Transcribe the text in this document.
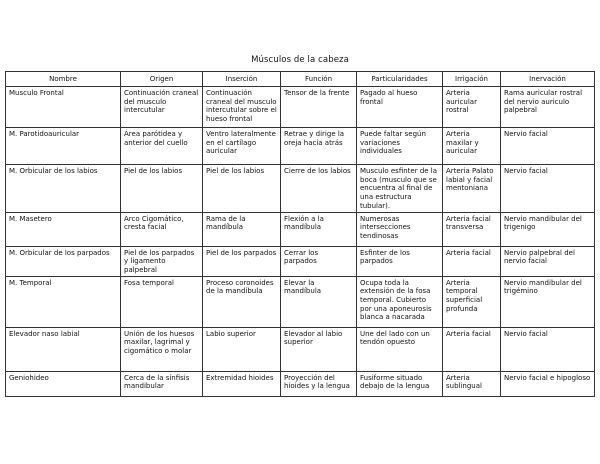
Músculos de la cabeza
Nombre	Origen	Inserción	Función	Particularidades	Irrigación	Inervación
Musculo Frontal	Continuación craneal del musculo intercutular	Continuación craneal del musculo intercutular sobre el hueso frontal	Tensor de la frente	Pagado al hueso frontal	Arteria auricular rostral	Rama auricular rostral del nervio auriculo palpebral
M. Parotidoauricular	Área parótidea y anterior del cuello	Ventro lateralmente en el cartílago auricular	Retrae y dirige la oreja hacia atrás	Puede faltar según variaciones individuales	Arteria maxilar y auricular	Nervio facial
M. Orbicular de los labios	Piel de los labios	Piel de los labios	Cierre de los labios	Musculo esfinter de la boca (musculo que se encuentra al final de una estructura tubular).	Arteria Palato labial y facial mentoniana	Nervio facial
M. Masetero	Arco Cigomático, cresta facial	Rama de la mandíbula	Flexión a la mandíbula	Numerosas intersecciones tendinosas	Arteria facial transversa	Nervio mandibular del trigenigo
M. Orbicular de los parpados	Piel de los parpados y ligamento palpebral	Piel de los parpados	Cerrar los parpados	Esfinter de los parpados	Arteria facial	Nervio palpebral del nervio facial
M. Temporal	Fosa temporal	Proceso coronoides de la mandíbula	Elevar la mandíbula	Ocupa toda la extensión de la fosa temporal. Cubierto por una aponeurosis blanca a nacarada	Arteria temporal superficial profunda	Nervio mandibular del trigémino
Elevador naso labial	Unión de los huesos maxilar, lagrimal y cigomático o molar	Labio superior	Elevador al labio superior	Une del lado con un tendón opuesto	Arteria facial	Nervio facial
Geniohideo	Cerca de la sínfisis mandibular	Extremidad hioides	Proyección del hioides y la lengua	Fusiforme situado debajo de la lengua	Arteria sublingual	Nervio facial e hipogloso
